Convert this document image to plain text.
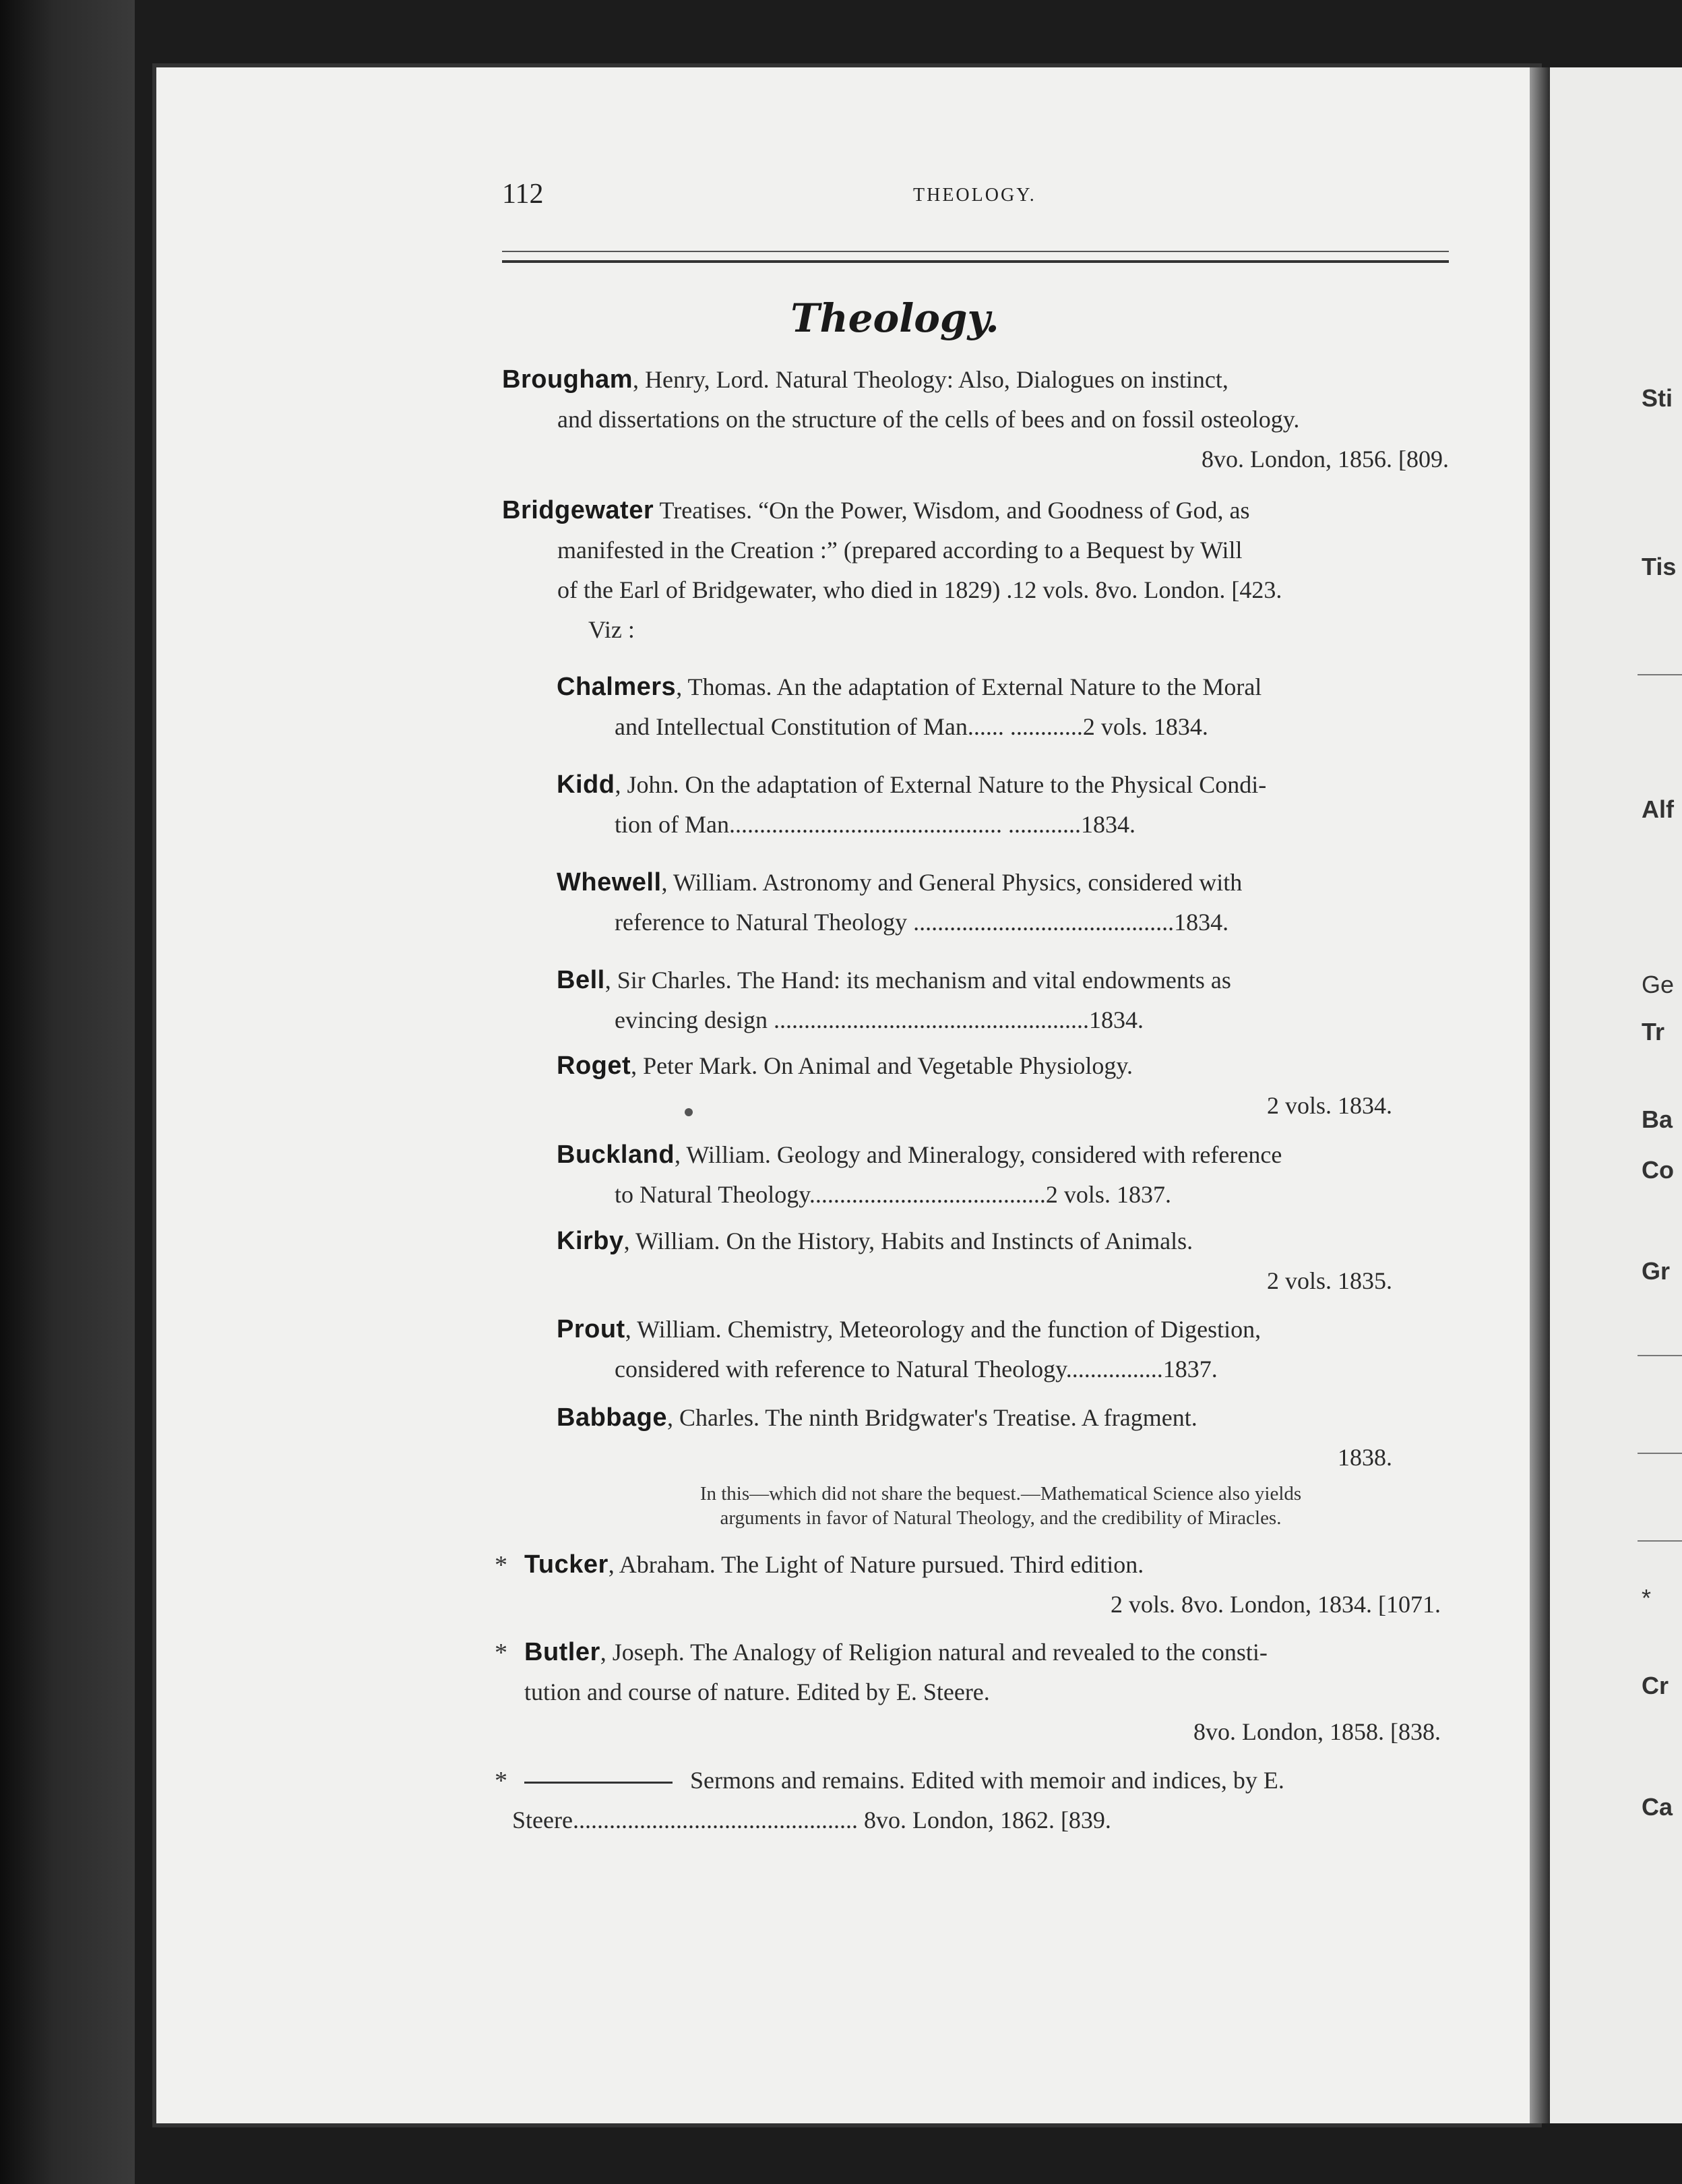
Sti
Tis
Alf
Ge
Tr
Ba
Co
Gr
*
Cr
Ca
112	THEOLOGY.
Theology.
Brougham, Henry, Lord. Natural Theology: Also, Dialogues on instinct,
and dissertations on the structure of the cells of bees and on fossil osteology.
8vo. London, 1856. [809.
Bridgewater Treatises. “On the Power, Wisdom, and Goodness of God, as
manifested in the Creation :” (prepared according to a Bequest by Will
of the Earl of Bridgewater, who died in 1829) .12 vols. 8vo. London. [423.
Viz :
Chalmers, Thomas. An the adaptation of External Nature to the Moral
and Intellectual Constitution of Man...... ............2 vols. 1834.
Kidd, John. On the adaptation of External Nature to the Physical Condi-
tion of Man............................................. ............1834.
Whewell, William. Astronomy and General Physics, considered with
reference to Natural Theology ...........................................1834.
Bell, Sir Charles. The Hand: its mechanism and vital endowments as
evincing design ....................................................1834.
Roget, Peter Mark. On Animal and Vegetable Physiology.
2 vols. 1834.
Buckland, William. Geology and Mineralogy, considered with reference
to Natural Theology.......................................2 vols. 1837.
Kirby, William. On the History, Habits and Instincts of Animals.
2 vols. 1835.
Prout, William. Chemistry, Meteorology and the function of Digestion,
considered with reference to Natural Theology................1837.
Babbage, Charles. The ninth Bridgwater's Treatise. A fragment.
1838.
In this—which did not share the bequest.—Mathematical Science also yields
arguments in favor of Natural Theology, and the credibility of Miracles.
* Tucker, Abraham. The Light of Nature pursued. Third edition.
2 vols. 8vo. London, 1834. [1071.
* Butler, Joseph. The Analogy of Religion natural and revealed to the consti-
tution and course of nature. Edited by E. Steere.
8vo. London, 1858. [838.
*	Sermons and remains. Edited with memoir and indices, by E.
Steere............................................... 8vo. London, 1862. [839.
